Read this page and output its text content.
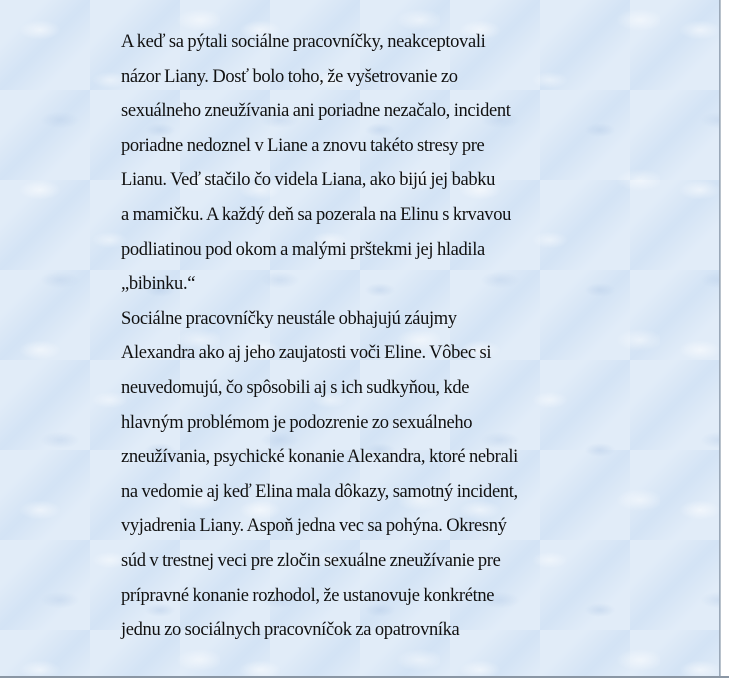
A keď sa pýtali sociálne pracovníčky, neakceptovali
názor Liany. Dosť bolo toho, že vyšetrovanie zo
sexuálneho zneužívania ani poriadne nezačalo, incident
poriadne nedoznel v Liane a znovu takéto stresy pre
Lianu. Veď stačilo čo videla Liana, ako bijú jej babku
a mamičku. A každý deň sa pozerala na Elinu s krvavou
podliatinou pod okom a malými prštekmi jej hladila
„bibinku.“
Sociálne pracovníčky neustále obhajujú záujmy
Alexandra ako aj jeho zaujatosti voči Eline. Vôbec si
neuvedomujú, čo spôsobili aj s ich sudkyňou, kde
hlavným problémom je podozrenie zo sexuálneho
zneužívania, psychické konanie Alexandra, ktoré nebrali
na vedomie aj keď Elina mala dôkazy, samotný incident,
vyjadrenia Liany. Aspoň jedna vec sa pohýna. Okresný
súd v trestnej veci pre zločin sexuálne zneužívanie pre
prípravné konanie rozhodol, že ustanovuje konkrétne
jednu zo sociálnych pracovníčok za opatrovníka
